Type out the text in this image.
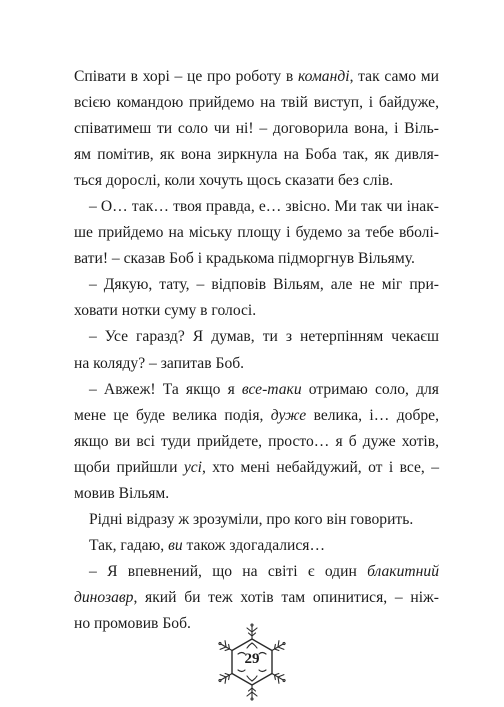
Співати в хорі – це про роботу в команді, так само ми
всією командою прийдемо на твій виступ, і байдуже,
співатимеш ти соло чи ні! – договорила вона, і Віль-
ям помітив, як вона зиркнула на Боба так, як дивля-
ться дорослі, коли хочуть щось сказати без слів.
– О… так… твоя правда, е… звісно. Ми так чи інак-
ше прийдемо на міську площу і будемо за тебе вболі-
вати! – сказав Боб і крадькома підморгнув Вільяму.
– Дякую, тату, – відповів Вільям, але не міг при-
ховати нотки суму в голосі.
– Усе гаразд? Я думав, ти з нетерпінням чекаєш
на коляду? – запитав Боб.
– Авжеж! Та якщо я все-таки отримаю соло, для
мене це буде велика подія, дуже велика, і… добре,
якщо ви всі туди прийдете, просто… я б дуже хотів,
щоби прийшли усі, хто мені небайдужий, от і все, –
мовив Вільям.
Рідні відразу ж зрозуміли, про кого він говорить.
Так, гадаю, ви також здогадалися…
– Я впевнений, що на світі є один блакитний
динозавр, який би теж хотів там опинитися, – ніж-
но промовив Боб.
29
